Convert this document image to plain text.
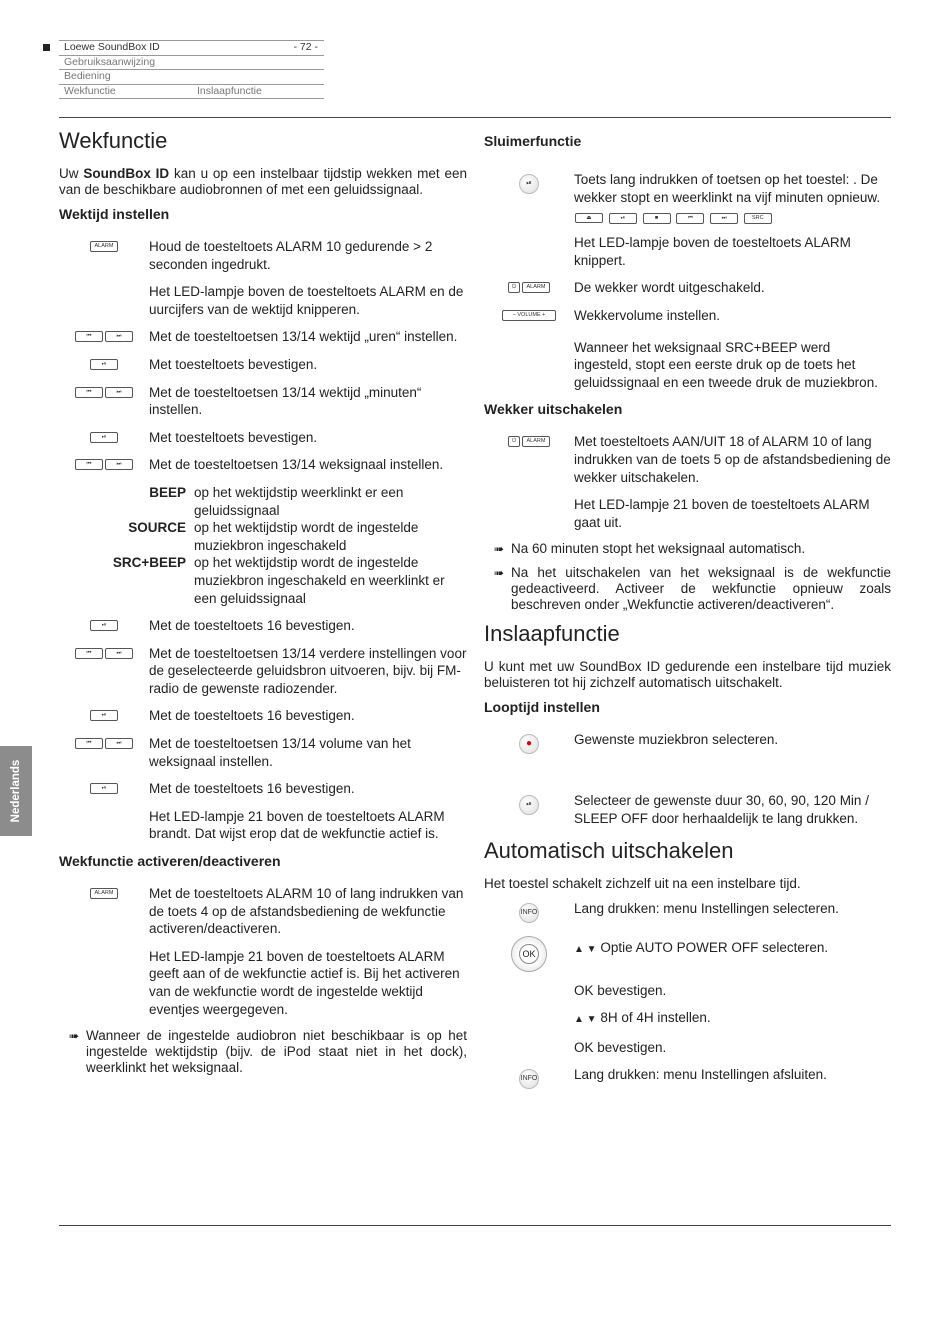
Loewe SoundBox ID	- 72 -
Gebruiksaanwijzing
Bediening
Wekfunctie	Inslaapfunctie
Nederlands
Wekfunctie

Uw SoundBox ID kan u op een instelbaar tijdstip wekken met een van de beschikbare audiobronnen of met een geluidssignaal.

Wektijd instellen
ALARM	Houd de toesteltoets ALARM 10 gedurende > 2 seconden ingedrukt.
Het LED-lampje boven de toesteltoets ALARM en de uurcijfers van de wektijd knipperen.
⏮	⏭	Met de toesteltoetsen 13/14 wektijd „uren“ instellen.
⏯	Met toesteltoets bevestigen.
⏮	⏭	Met de toesteltoetsen 13/14 wektijd „minuten“ instellen.
⏯	Met toesteltoets bevestigen.
⏮	⏭	Met de toesteltoetsen 13/14 weksignaal instellen.
BEEP op het wektijdstip weerklinkt er een geluidssignaal
SOURCE op het wektijdstip wordt de ingestelde muziekbron ingeschakeld
SRC+BEEP op het wektijdstip wordt de ingestelde muziekbron ingeschakeld en weerklinkt er een geluidssignaal
⏯	Met de toesteltoets 16 bevestigen.
⏮	⏭	Met de toesteltoetsen 13/14 verdere instellingen voor de geselecteerde geluidsbron uitvoeren, bijv. bij FM-radio de gewenste radiozender.
⏯	Met de toesteltoets 16 bevestigen.
⏮	⏭	Met de toesteltoetsen 13/14 volume van het weksignaal instellen.
⏯	Met de toesteltoets 16 bevestigen.
Het LED-lampje 21 boven de toesteltoets ALARM brandt. Dat wijst erop dat de wekfunctie actief is.
Wekfunctie activeren/deactiveren
ALARM	Met de toesteltoets ALARM 10 of lang indrukken van de toets 4 op de afstandsbediening de wekfunctie activeren/deactiveren.
Het LED-lampje 21 boven de toesteltoets ALARM geeft aan of de wekfunctie actief is. Bij het activeren van de wekfunctie wordt de ingestelde wektijd eventjes weergegeven.
➠ Wanneer de ingestelde audiobron niet beschikbaar is op het ingestelde wektijdstip (bijv. de iPod staat niet in het dock), weerklinkt het weksignaal.
Sluimerfunctie
⏯	Toets lang indrukken of toetsen op het toestel: . De wekker stopt en weerklinkt na vijf minuten opnieuw. ⏏	⏯	■	⏮	⏭	SRC
Het LED-lampje boven de toesteltoets ALARM knippert.
⏻	ALARM	De wekker wordt uitgeschakeld.
− VOLUME +	Wekkervolume instellen.
Wanneer het weksignaal SRC+BEEP werd ingesteld, stopt een eerste druk op de toets het geluidssignaal en een tweede druk de muziekbron.
Wekker uitschakelen
⏻	ALARM	Met toesteltoets AAN/UIT 18 of ALARM 10 of lang indrukken van de toets 5 op de afstandsbediening de wekker uitschakelen.
Het LED-lampje 21 boven de toesteltoets ALARM gaat uit.
➠ Na 60 minuten stopt het weksignaal automatisch.
➠ Na het uitschakelen van het weksignaal is de wekfunctie gedeactiveerd. Activeer de wekfunctie opnieuw zoals beschreven onder „Wekfunctie activeren/deactiveren“.
Inslaapfunctie

U kunt met uw SoundBox ID gedurende een instelbare tijd muziek beluisteren tot hij zichzelf automatisch uitschakelt.

Looptijd instellen
●	Gewenste muziekbron selecteren.
⏯	Selecteer de gewenste duur 30, 60, 90, 120 Min / SLEEP OFF door herhaaldelijk te lang drukken.
Automatisch uitschakelen

Het toestel schakelt zichzelf uit na een instelbare tijd.

INFO	Lang drukken: menu Instellingen selecteren.
OK	▲ ▼ Optie AUTO POWER OFF selecteren.
OK bevestigen.
▲ ▼ 8H of 4H instellen.
OK bevestigen.
INFO	Lang drukken: menu Instellingen afsluiten.
